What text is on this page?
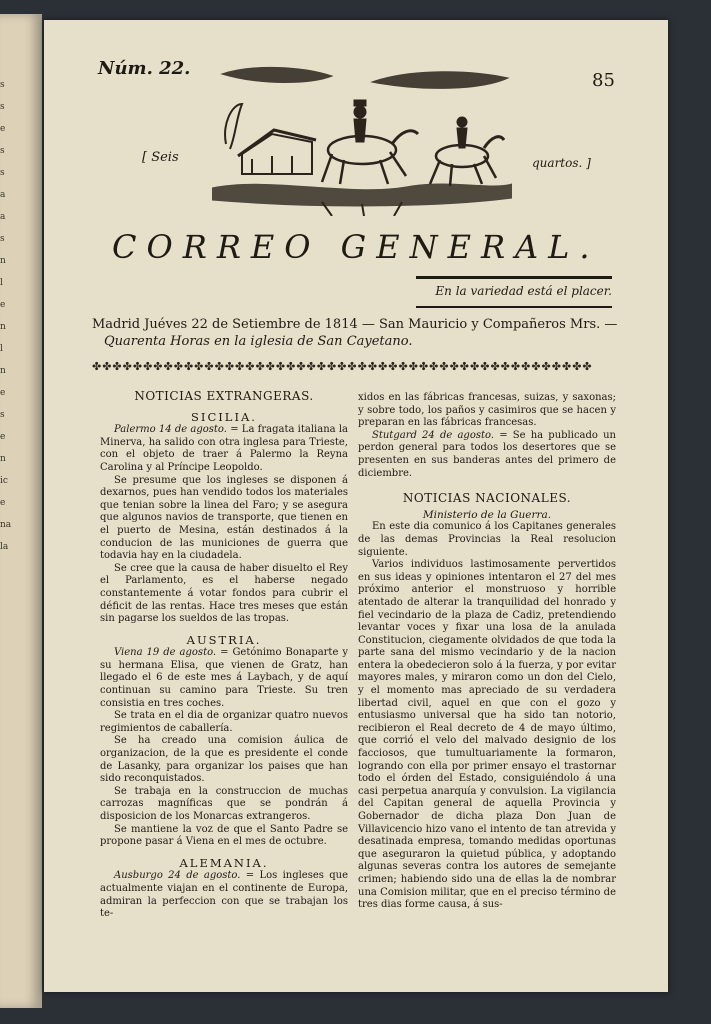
s
s
e
s
s
a
a
s
n
l
e
n
l
n
e
s
e
n
ic
e
na
la
Núm. 22.
85
[ Seis	quartos. ]
CORREO GENERAL.
En la variedad está el placer.
Madrid Juéves 22 de Setiembre de 1814 — San Mauricio y Compañeros Mrs. —
Quarenta Horas en la iglesia de San Cayetano.
✤✤✤✤✤✤✤✤✤✤✤✤✤✤✤✤✤✤✤✤✤✤✤✤✤✤✤✤✤✤✤✤✤✤✤✤✤✤✤✤✤✤✤✤✤✤✤✤✤
NOTICIAS EXTRANGERAS.
SICILIA.

Palermo 14 de agosto. = La fragata italiana la Minerva, ha salido con otra inglesa para Trieste, con el objeto de traer á Palermo la Reyna Carolina y al Príncipe Leopoldo.

Se presume que los ingleses se disponen á dexarnos, pues han vendido todos los materiales que tenian sobre la linea del Faro; y se asegura que algunos navios de transporte, que tienen en el puerto de Mesina, están destinados á la conducion de las municiones de guerra que todavia hay en la ciudadela.

Se cree que la causa de haber disuelto el Rey el Parlamento, es el haberse negado constantemente á votar fondos para cubrir el déficit de las rentas. Hace tres meses que están sin pagarse los sueldos de las tropas.

AUSTRIA.

Viena 19 de agosto. = Getónimo Bonaparte y su hermana Elisa, que vienen de Gratz, han llegado el 6 de este mes á Laybach, y de aquí continuan su camino para Trieste. Su tren consistia en tres coches.

Se trata en el dia de organizar quatro nuevos regimientos de caballería.

Se ha creado una comision áulica de organizacion, de la que es presidente el conde de Lasanky, para organizar los paises que han sido reconquistados.

Se trabaja en la construccion de muchas carrozas magníficas que se pondrán á disposicion de los Monarcas extrangeros.

Se mantiene la voz de que el Santo Padre se propone pasar á Viena en el mes de octubre.

ALEMANIA.

Ausburgo 24 de agosto. = Los ingleses que actualmente viajan en el continente de Europa, admiran la perfeccion con que se trabajan los te-

xidos en las fábricas francesas, suizas, y saxonas; y sobre todo, los paños y casimiros que se hacen y preparan en las fábricas francesas.

Stutgard 24 de agosto. = Se ha publicado un perdon general para todos los desertores que se presenten en sus banderas antes del primero de diciembre.

NOTICIAS NACIONALES.
Ministerio de la Guerra.

En este dia comunico á los Capitanes generales de las demas Provincias la Real resolucion siguiente.

Varios individuos lastimosamente pervertidos en sus ideas y opiniones intentaron el 27 del mes próximo anterior el monstruoso y horrible atentado de alterar la tranquilidad del honrado y fiel vecindario de la plaza de Cadiz, pretendiendo levantar voces y fixar una losa de la anulada Constitucion, ciegamente olvidados de que toda la parte sana del mismo vecindario y de la nacion entera la obedecieron solo á la fuerza, y por evitar mayores males, y miraron como un don del Cielo, y el momento mas apreciado de su verdadera libertad civil, aquel en que con el gozo y entusiasmo universal que ha sido tan notorio, recibieron el Real decreto de 4 de mayo último, que corrió el velo del malvado designio de los facciosos, que tumultuariamente la formaron, logrando con ella por primer ensayo el trastornar todo el órden del Estado, consiguiéndolo á una casi perpetua anarquía y convulsion. La vigilancia del Capitan general de aquella Provincia y Gobernador de dicha plaza Don Juan de Villavicencio hizo vano el intento de tan atrevida y desatinada empresa, tomando medidas oportunas que aseguraron la quietud pública, y adoptando algunas severas contra los autores de semejante crimen; habiendo sido una de ellas la de nombrar una Comision militar, que en el preciso término de tres dias forme causa, á sus-
